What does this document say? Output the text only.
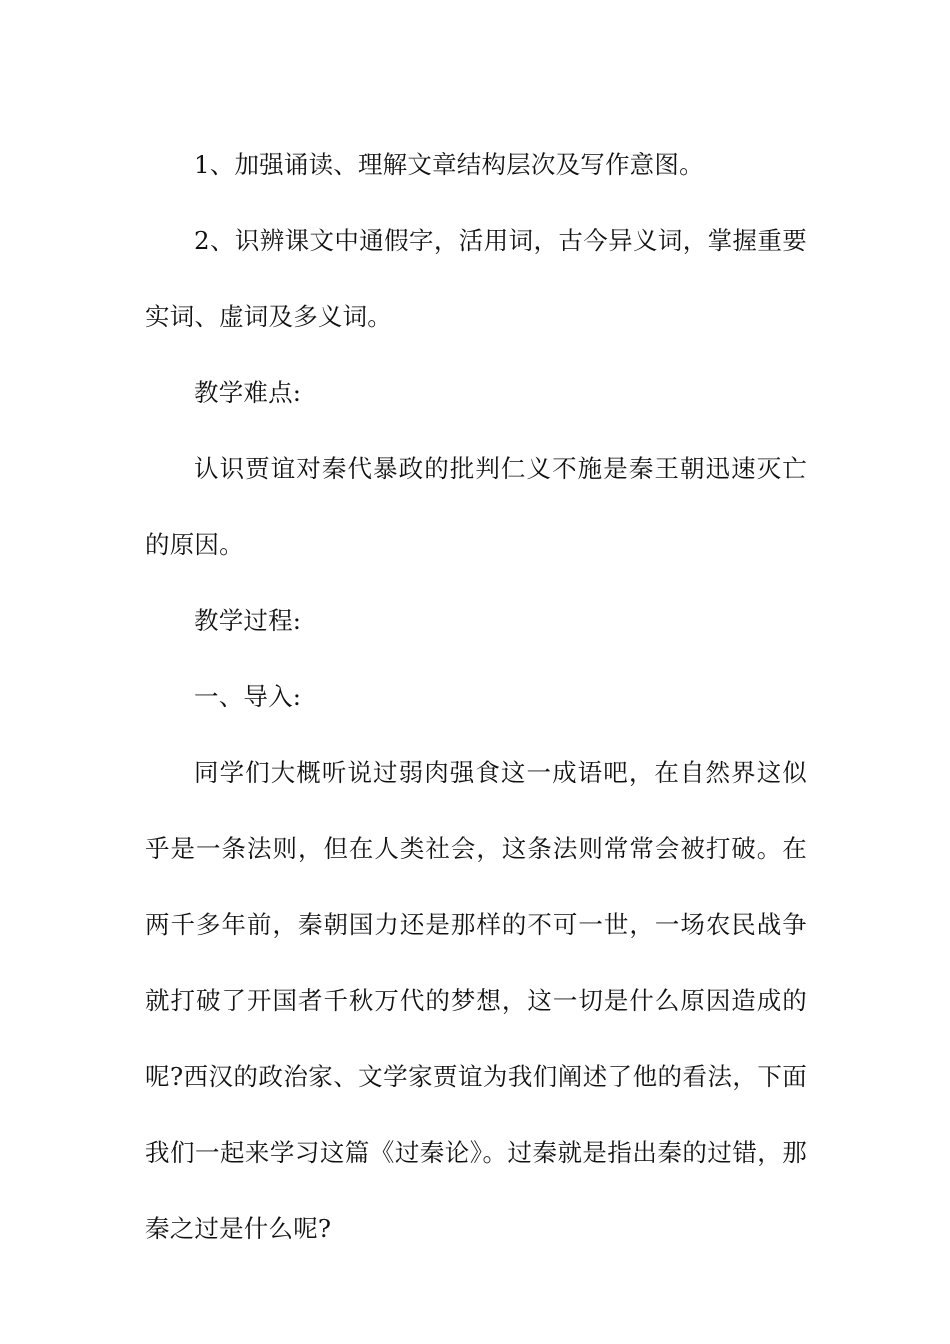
1、加强诵读、理解文章结构层次及写作意图。

2、识辨课文中通假字，活用词，古今异义词，掌握重要实词、虚词及多义词。

教学难点:

认识贾谊对秦代暴政的批判仁义不施是秦王朝迅速灭亡的原因。

教学过程:

一、导入:

同学们大概听说过弱肉强食这一成语吧，在自然界这似乎是一条法则，但在人类社会，这条法则常常会被打破。在两千多年前，秦朝国力还是那样的不可一世，一场农民战争就打破了开国者千秋万代的梦想，这一切是什么原因造成的呢?西汉的政治家、文学家贾谊为我们阐述了他的看法，下面我们一起来学习这篇《过秦论》。过秦就是指出秦的过错，那秦之过是什么呢?
